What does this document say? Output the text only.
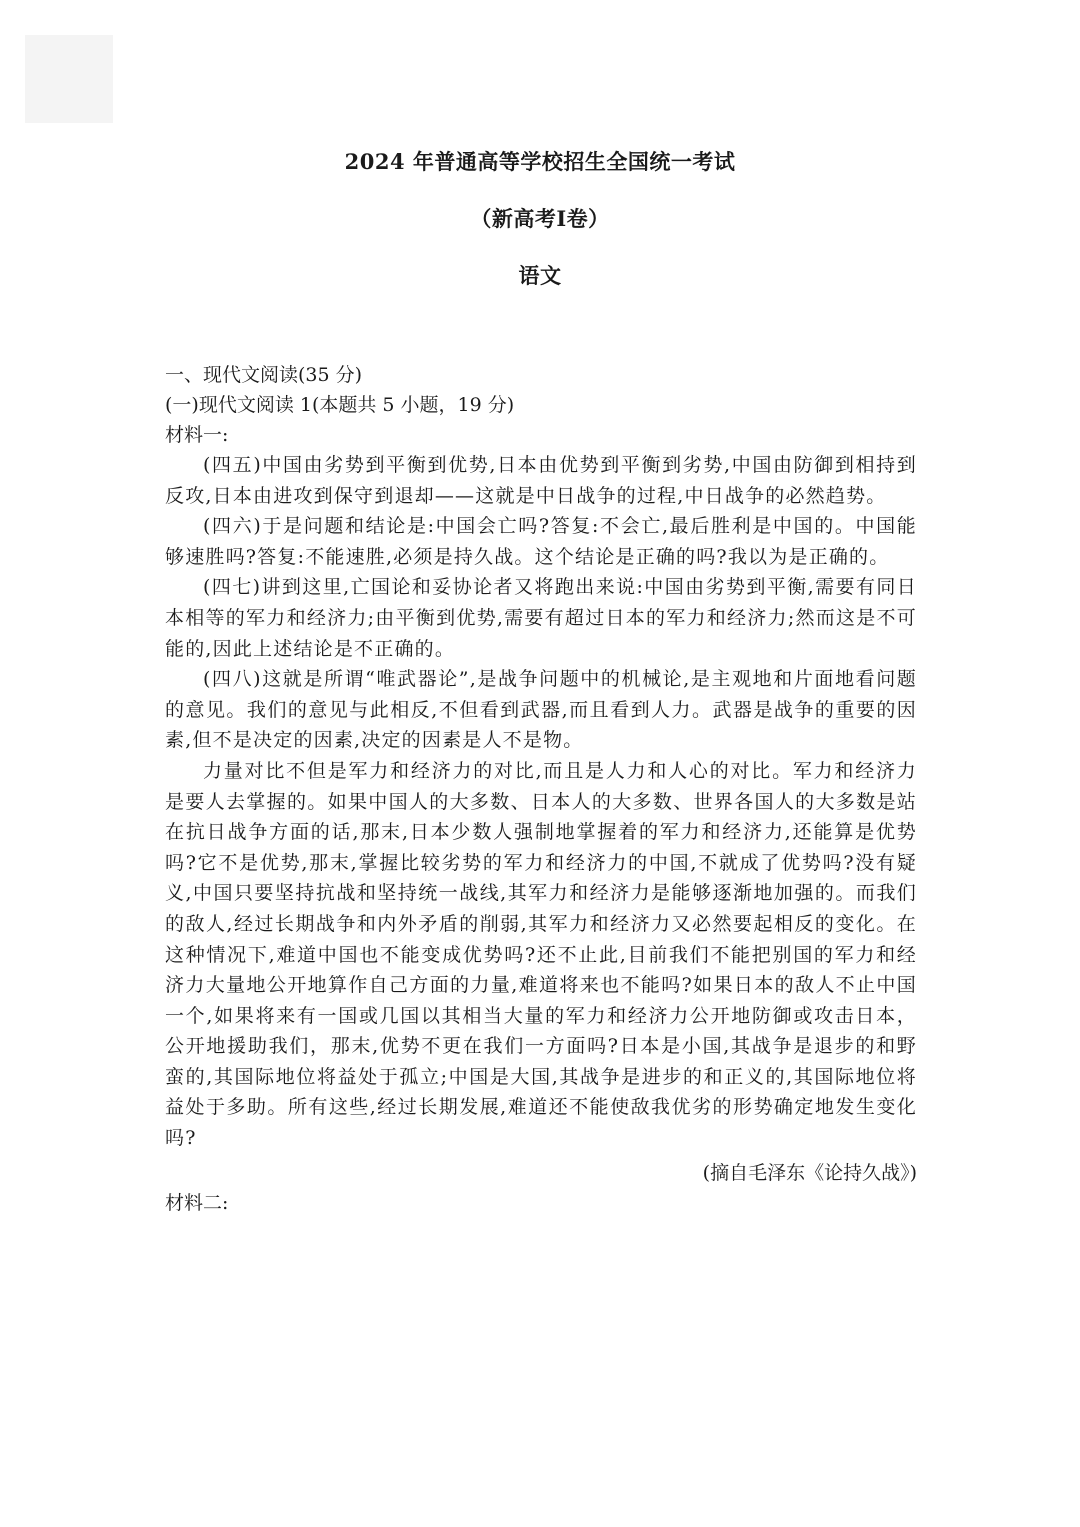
2024 年普通高等学校招生全国统一考试
（新高考Ⅰ卷）
语文
一、现代文阅读(35 分)
(一)现代文阅读 1(本题共 5 小题，19 分)
材料一:

(四五)中国由劣势到平衡到优势,日本由优势到平衡到劣势,中国由防御到相持到反攻,日本由进攻到保守到退却——这就是中日战争的过程,中日战争的必然趋势。

(四六)于是问题和结论是:中国会亡吗?答复:不会亡,最后胜利是中国的。中国能够速胜吗?答复:不能速胜,必须是持久战。这个结论是正确的吗?我以为是正确的。

(四七)讲到这里,亡国论和妥协论者又将跑出来说:中国由劣势到平衡,需要有同日本相等的军力和经济力;由平衡到优势,需要有超过日本的军力和经济力;然而这是不可能的,因此上述结论是不正确的。

(四八)这就是所谓“唯武器论”,是战争问题中的机械论,是主观地和片面地看问题的意见。我们的意见与此相反,不但看到武器,而且看到人力。武器是战争的重要的因素,但不是决定的因素,决定的因素是人不是物。

力量对比不但是军力和经济力的对比,而且是人力和人心的对比。军力和经济力是要人去掌握的。如果中国人的大多数、日本人的大多数、世界各国人的大多数是站在抗日战争方面的话,那末,日本少数人强制地掌握着的军力和经济力,还能算是优势吗?它不是优势,那末,掌握比较劣势的军力和经济力的中国,不就成了优势吗?没有疑义,中国只要坚持抗战和坚持统一战线,其军力和经济力是能够逐渐地加强的。而我们的敌人,经过长期战争和内外矛盾的削弱,其军力和经济力又必然要起相反的变化。在这种情况下,难道中国也不能变成优势吗?还不止此,目前我们不能把别国的军力和经济力大量地公开地算作自己方面的力量,难道将来也不能吗?如果日本的敌人不止中国一个,如果将来有一国或几国以其相当大量的军力和经济力公开地防御或攻击日本，公开地援助我们，那末,优势不更在我们一方面吗?日本是小国,其战争是退步的和野蛮的,其国际地位将益处于孤立;中国是大国,其战争是进步的和正义的,其国际地位将益处于多助。所有这些,经过长期发展,难道还不能使敌我优劣的形势确定地发生变化吗?

(摘自毛泽东《论持久战》)
材料二:
